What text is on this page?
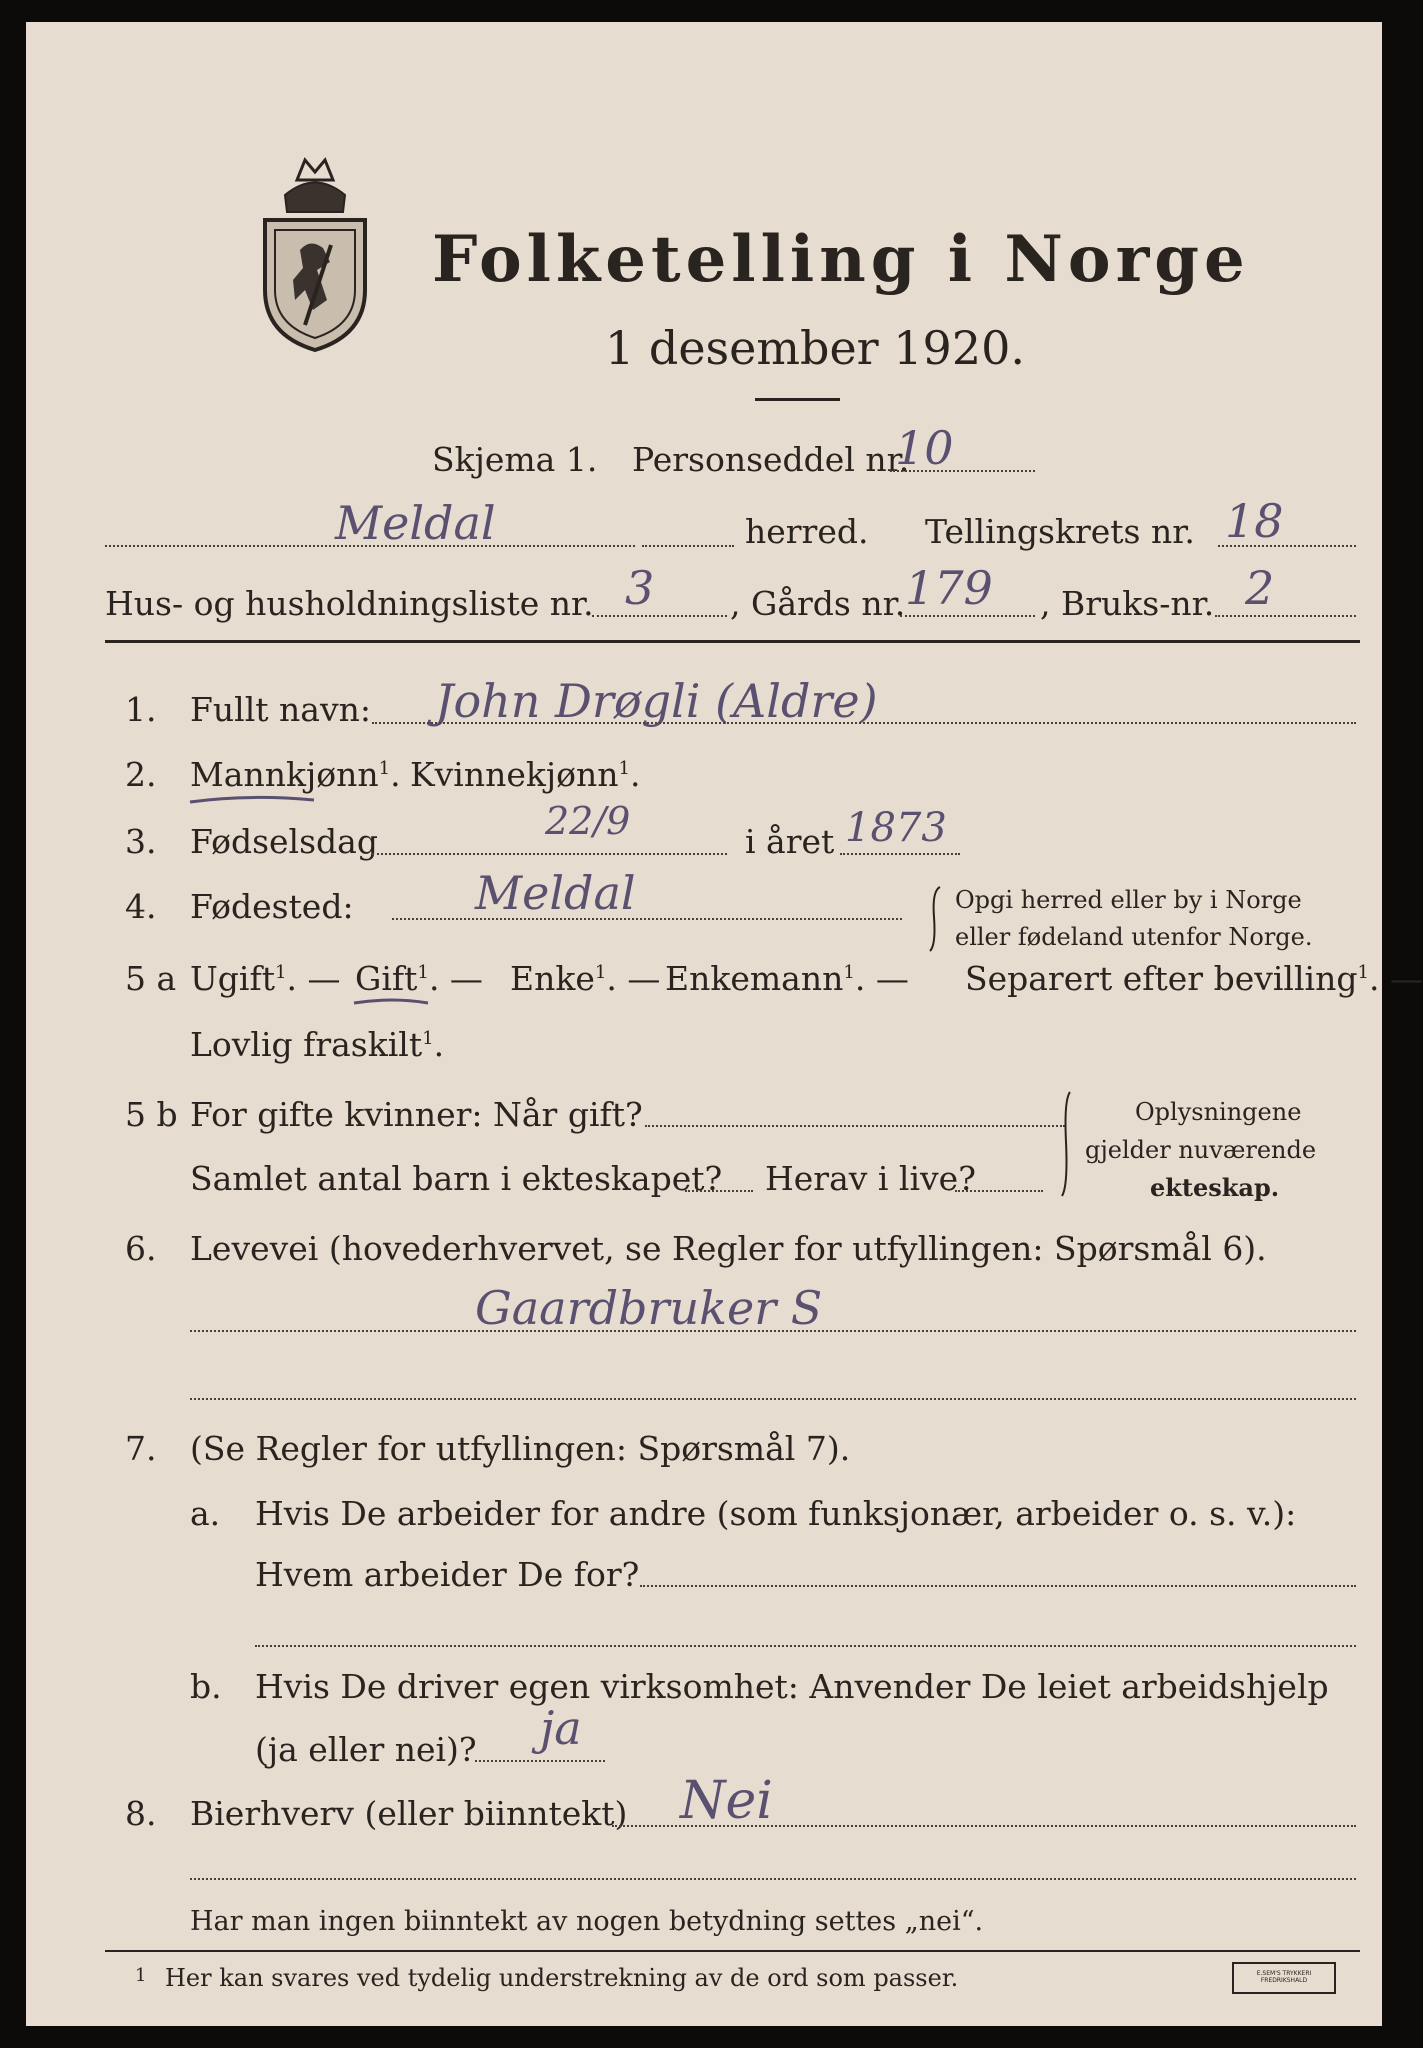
Folketelling i Norge
1 desember 1920.
Skjema 1. Personseddel nr.
10
Meldal	herred. Tellingskrets nr. 18
Hus- og husholdningsliste nr. 3 , Gårds nr. 179 , Bruks-nr. 2
1. Fullt navn: John Drøgli (Aldre)
2. Mannkjønn$^1$. Kvinnekjønn$^1$.
3. Fødselsdag	22/9	i året 1873
4. Fødested:	Meldal	Opgi herred eller by i Norge
eller fødeland utenfor Norge.
5 a Ugift$^1$. — Gift$^1$. — Enke$^1$. — Enkemann$^1$. — Separert efter bevilling$^1$. —
Lovlig fraskilt$^1$.
5 b For gifte kvinner: Når gift?
Samlet antal barn i ekteskapet? Herav i live?
Oplysningene
gjelder nuværende
ekteskap.
6. Levevei (hovederhvervet, se Regler for utfyllingen: Spørsmål 6).
Gaardbruker S
7. (Se Regler for utfyllingen: Spørsmål 7).
a. Hvis De arbeider for andre (som funksjonær, arbeider o. s. v.):
Hvem arbeider De for?
b. Hvis De driver egen virksomhet: Anvender De leiet arbeidshjelp
(ja eller nei)? ja
8. Bierhverv (eller biinntekt) Nei
Har man ingen biinntekt av nogen betydning settes „nei“.
1 Her kan svares ved tydelig understrekning av de ord som passer.	E.SEM'S TRYKKERI FREDRIKSHALD
